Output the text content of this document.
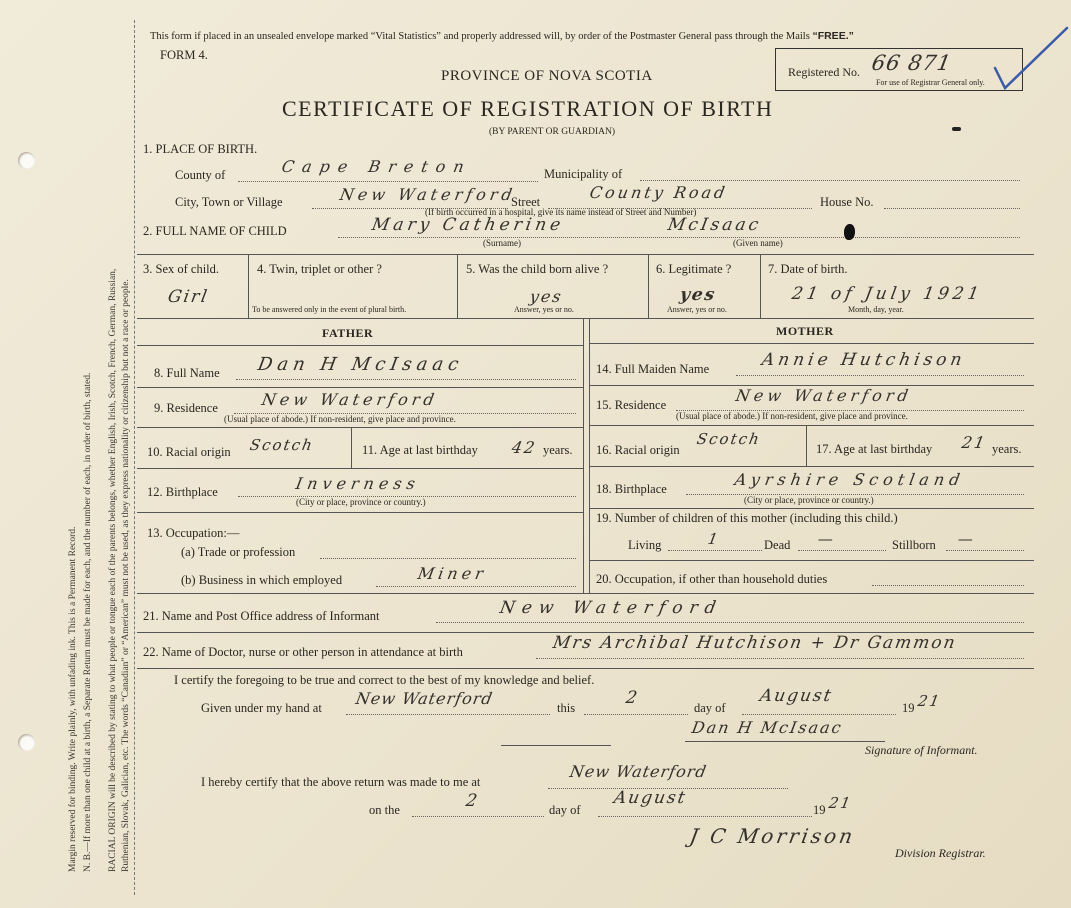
Margin reserved for binding. Write plainly, with unfading ink. This is a Permanent Record. N. B.—If more than one child at a birth, a Separate Return must be made for each, and the number of each, in order of birth, stated. RACIAL ORIGIN will be described by stating to what people or tongue each of the parents belongs, whether English, Irish, Scotch, French, German, Russian, Ruthenian, Slovak, Galician, etc. The words “Canadian” or “American” must not be used, as they express nationality or citizenship but not a race or people.
This form if placed in an unsealed envelope marked “Vital Statistics” and properly addressed will, by order of the Postmaster General pass through the Mails “FREE.”
FORM 4.
PROVINCE OF NOVA SCOTIA
CERTIFICATE OF REGISTRATION OF BIRTH
(BY PARENT OR GUARDIAN)
Registered No. 66 871
For use of Registrar General only.
1. PLACE OF BIRTH.
County of	Cape Breton	Municipality of
City, Town or Village	New Waterford
Street	County Road	House No.
(If birth occurred in a hospital, give its name instead of Street and Number)
2. FULL NAME OF CHILD	Mary Catherine	McIsaac
(Surname)	(Given name)
3. Sex of child.
Girl
4. Twin, triplet or other ?
To be answered only in the event of plural birth.
5. Was the child born alive ?
yes
Answer, yes or no.
6. Legitimate ?
yes
Answer, yes or no.
7. Date of birth.
21 of July 1921
Month, day, year.
FATHER	MOTHER
8. Full Name Dan H McIsaac
9. Residence	New Waterford
(Usual place of abode.) If non-resident, give place and province.
10. Racial origin Scotch	11. Age at last birthday 42 years.
12. Birthplace	Inverness
(City or place, province or country.)
13. Occupation:—
(a) Trade or profession
(b) Business in which employed	Miner
14. Full Maiden Name	Annie Hutchison
15. Residence	New Waterford
(Usual place of abode.) If non-resident, give place and province.
16. Racial origin
Scotch
17. Age at last birthday 21 years.
18. Birthplace	Ayrshire Scotland
(City or place, province or country.)
19. Number of children of this mother (including this child.)
Living	1	Dead —	Stillborn —
20. Occupation, if other than household duties
21. Name and Post Office address of Informant	New Waterford
22. Name of Doctor, nurse or other person in attendance at birth	Mrs Archibal Hutchison + Dr Gammon
I certify the foregoing to be true and correct to the best of my knowledge and belief.
Given under my hand at New Waterford	this	2	day of
August
19 21
Dan H McIsaac
Signature of Informant.
I hereby certify that the above return was made to me at
New Waterford
on the	2	day of
August
19 21
J C Morrison
Division Registrar.
